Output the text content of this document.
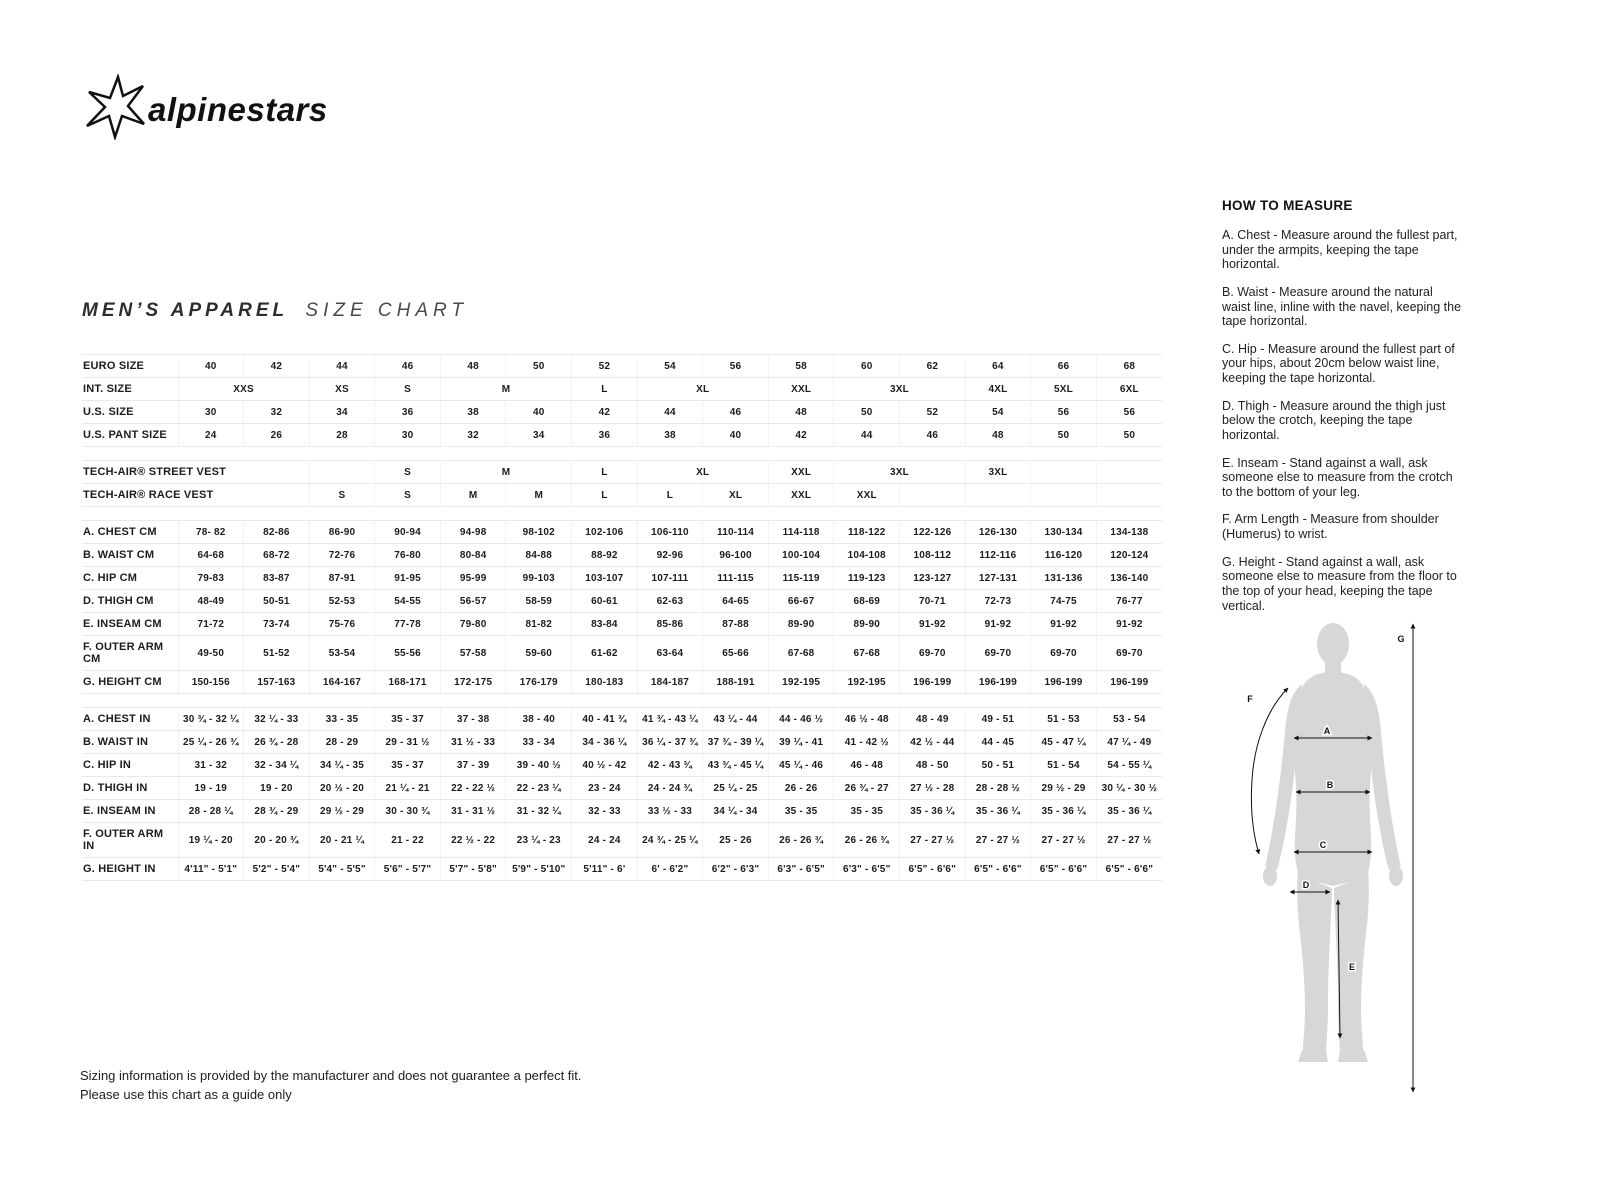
alpinestars
MEN’S APPAREL SIZE CHART
EURO SIZE	40	42	44	46	48	50	52	54	56	58	60	62	64	66	68
INT. SIZE	XXS		XS	S	M		L	XL		XXL	3XL		4XL	5XL	6XL
U.S. SIZE	30	32	34	36	38	40	42	44	46	48	50	52	54	56	56
U.S. PANT SIZE	24	26	28	30	32	34	36	38	40	42	44	46	48	50	50

TECH-AIR® STREET VEST				S	M		L	XL		XXL	3XL		3XL		
TECH-AIR® RACE VEST			S	S	M	M	L	L	XL	XXL	XXL				

A. CHEST CM	78- 82	82-86	86-90	90-94	94-98	98-102	102-106	106-110	110-114	114-118	118-122	122-126	126-130	130-134	134-138
B. WAIST CM	64-68	68-72	72-76	76-80	80-84	84-88	88-92	92-96	96-100	100-104	104-108	108-112	112-116	116-120	120-124
C. HIP CM	79-83	83-87	87-91	91-95	95-99	99-103	103-107	107-111	111-115	115-119	119-123	123-127	127-131	131-136	136-140
D. THIGH CM	48-49	50-51	52-53	54-55	56-57	58-59	60-61	62-63	64-65	66-67	68-69	70-71	72-73	74-75	76-77
E. INSEAM CM	71-72	73-74	75-76	77-78	79-80	81-82	83-84	85-86	87-88	89-90	89-90	91-92	91-92	91-92	91-92
F. OUTER ARM CM	49-50	51-52	53-54	55-56	57-58	59-60	61-62	63-64	65-66	67-68	67-68	69-70	69-70	69-70	69-70
G. HEIGHT CM	150-156	157-163	164-167	168-171	172-175	176-179	180-183	184-187	188-191	192-195	192-195	196-199	196-199	196-199	196-199

A. CHEST IN	30 ¾ - 32 ¼	32 ¼ - 33	33 - 35	35 - 37	37 - 38	38 - 40	40 - 41 ¾	41 ¾ - 43 ¼	43 ¼ - 44	44 - 46 ½	46 ½ - 48	48 - 49	49 - 51	51 - 53	53 - 54
B. WAIST IN	25 ¼ - 26 ¾	26 ¾ - 28	28 - 29	29 - 31 ½	31 ½ - 33	33 - 34	34 - 36 ¼	36 ¼ - 37 ¾	37 ¾ - 39 ¼	39 ¼ - 41	41 - 42 ½	42 ½ - 44	44 - 45	45 - 47 ¼	47 ¼ - 49
C. HIP IN	31 - 32	32 - 34 ¼	34 ¼ - 35	35 - 37	37 - 39	39 - 40 ½	40 ½ - 42	42 - 43 ¾	43 ¾ - 45 ¼	45 ¼ - 46	46 - 48	48 - 50	50 - 51	51 - 54	54 - 55 ¼
D. THIGH IN	19 - 19	19 - 20	20 ½ - 20	21 ¼ - 21	22 - 22 ½	22 - 23 ¼	23 - 24	24 - 24 ¾	25 ¼ - 25	26 - 26	26 ¾ - 27	27 ½ - 28	28 - 28 ½	29 ½ - 29	30 ¼ - 30 ½
E. INSEAM IN	28 - 28 ¼	28 ¾ - 29	29 ½ - 29	30 - 30 ¾	31 - 31 ½	31 - 32 ¼	32 - 33	33 ½ - 33	34 ¼ - 34	35 - 35	35 - 35	35 - 36 ¼	35 - 36 ¼	35 - 36 ¼	35 - 36 ¼
F. OUTER ARM IN	19 ¼ - 20	20 - 20 ¾	20 - 21 ¼	21 - 22	22 ½ - 22	23 ¼ - 23	24 - 24	24 ¾ - 25 ¼	25 - 26	26 - 26 ¾	26 - 26 ¾	27 - 27 ½	27 - 27 ½	27 - 27 ½	27 - 27 ½
G. HEIGHT IN	4'11" - 5'1"	5'2" - 5'4"	5'4" - 5'5"	5'6" - 5'7"	5'7" - 5'8"	5'9" - 5'10"	5'11" - 6'	6' - 6'2"	6'2" - 6'3"	6'3" - 6'5"	6'3" - 6'5"	6'5" - 6'6"	6'5" - 6'6"	6'5" - 6'6"	6'5" - 6'6"
HOW TO MEASURE

A. Chest - Measure around the fullest part, under the armpits, keeping the tape horizontal.

B. Waist - Measure around the natural waist line, inline with the navel, keeping the tape horizontal.

C. Hip - Measure around the fullest part of your hips, about 20cm below waist line, keeping the tape horizontal.

D. Thigh - Measure around the thigh just below the crotch, keeping the tape horizontal.

E. Inseam - Stand against a wall, ask someone else to measure from the crotch to the bottom of your leg.

F. Arm Length - Measure from shoulder (Humerus) to wrist.

G. Height - Stand against a wall, ask someone else to measure from the floor to the top of your head, keeping the tape vertical.

A
B
C
D
E
F
G

Sizing information is provided by the manufacturer and does not guarantee a perfect fit.

Please use this chart as a guide only
